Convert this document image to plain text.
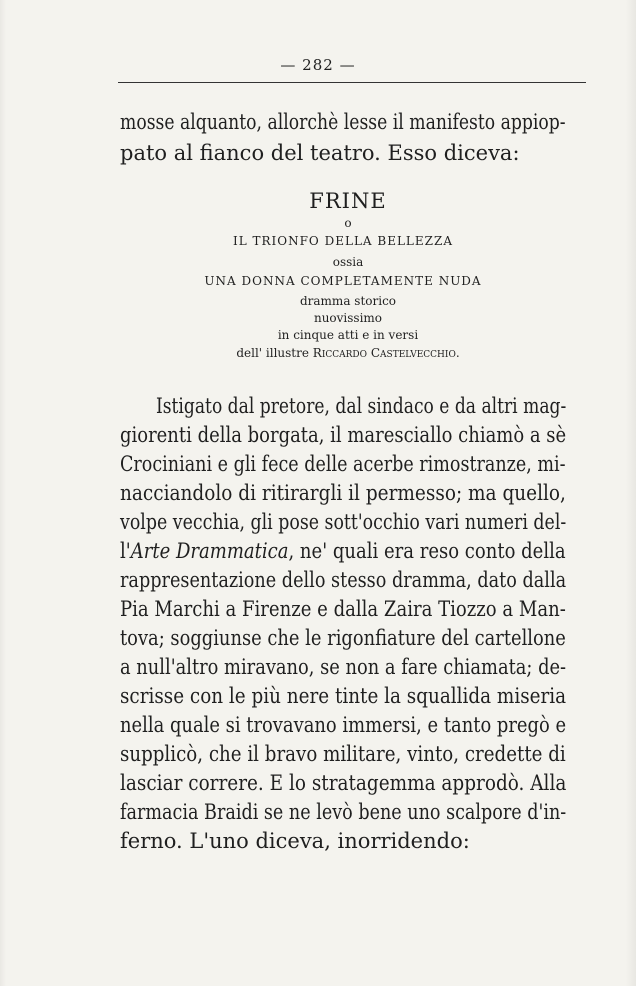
— 282 —
mosse alquanto, allorchè lesse il manifesto appiop-
pato al fianco del teatro. Esso diceva:
FRINE
o
IL TRIONFO DELLA BELLEZZA
ossia
UNA DONNA COMPLETAMENTE NUDA
dramma storico
nuovissimo
in cinque atti e in versi
dell' illustre RICCARDO CASTELVECCHIO.
Istigato dal pretore, dal sindaco e da altri mag-
giorenti della borgata, il maresciallo chiamò a sè
Crociniani e gli fece delle acerbe rimostranze, mi-
nacciandolo di ritirargli il permesso; ma quello,
volpe vecchia, gli pose sott'occhio vari numeri del-
l'Arte Drammatica, ne' quali era reso conto della
rappresentazione dello stesso dramma, dato dalla
Pia Marchi a Firenze e dalla Zaira Tiozzo a Man-
tova; soggiunse che le rigonfiature del cartellone
a null'altro miravano, se non a fare chiamata; de-
scrisse con le più nere tinte la squallida miseria
nella quale si trovavano immersi, e tanto pregò e
supplicò, che il bravo militare, vinto, credette di
lasciar correre. E lo stratagemma approdò. Alla
farmacia Braidi se ne levò bene uno scalpore d'in-
ferno. L'uno diceva, inorridendo:
